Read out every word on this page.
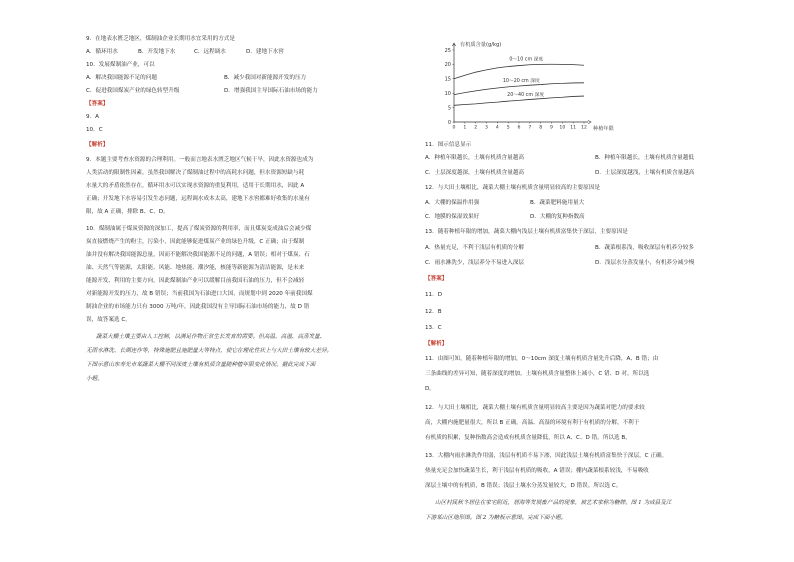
9．在地表水匮乏地区，煤制油企业长期用水宜采用的方式是
A．循环用水	B．开发地下水	C．远程调水	D．建地下水窖
10．发展煤制油产业，可以
A．解决我国能源不足的问题	B．减少我国对新能源开发的压力
C．促进我国煤炭产业的绿色转型升级	D．增强我国主导国际石油市场的能力
【答案】
9．A
10．C
【解析】
9．本题主要考查水资源的合理利用。一般而言地表水匮乏地区气候干旱，因此水资源也成为
人类活动的限制性因素。虽然我国解决了煤制油过程中的高耗水问题，但水资源短缺与耗
水量大的矛盾依然存在，循环用水可以实现水资源的重复利用，适用于长期用水，因此 A
正确；开发地下水容易引发生态问题，远程调水成本太高，建地下水窖都难好收集的水量有
限，故 A 正确，排除 B、C、D。
10．煤制油属于煤炭资源的深加工，提高了煤炭资源的利用率，而且煤炭变成油后会减少煤
炭直接燃烧产生的粉尘，污染小，因此能够促进煤炭产业的绿色升级，C 正确；由于煤制
油并没有解决我国能源总量，因而不能解决我国能源不足的问题，A 错误；相对于煤炭、石
油、天然气等能源，太阳能、风能、地热能、潮汐能，核能等新能源为清洁能源，是未来
能源开发、利用的主要方向，因此煤制油产业可以缓解目前我国石油的压力，但不会减轻
对新能源开发的压力，故 B 错误；当前我国为石油进口大国，而规划中到 2020 年前我国煤
制油企业的市场能力只有 3000 万吨/年，因此我国没有主导国际石油市场的能力，故 D 错
误，故答案选 C。
蔬菜大棚土壤主要由人工控制，以满足作物正常生长发育的需要。但高温、高湿、高蒸发量、
无雨水淋洗、长期连作等，特殊施肥且施肥量大等特点，使它在理化性状上与大田土壤有较大差异。
下图示意山东寿光市某蔬菜大棚不同深度土壤有机质含量随种植年限变化情况。据此完成下面
小题。
0
5
10
15
20
25
0 1 2 3 4 5 6 7 8 9 10 11 12
0～10 cm 深度
10～20 cm 深度
20～40 cm 深度
有机质含量(g/kg)
种植年限
11．图示信息显示
A．种植年限越长，土壤有机质含量越高	B．种植年限越长，土壤有机质含量越低
C．土层深度越深，土壤有机质含量越高	D．土层深度越浅，土壤有机质含量越高
12．与大田土壤相比，蔬菜大棚土壤有机质含量明显较高的主要原因是
A．大棚的保温作用强	B．蔬菜肥料施用量大
C．地膜的保湿效果好	D．大棚的复种指数高
13．随着种植年限的增加，蔬菜大棚内浅层土壤有机质富集快于深层，主要原因是
A．热量充足，不利于浅层有机质的分解	B．蔬菜根系浅，吸收深层有机养分较多
C．雨水淋洗少，浅层养分不易进入深层	D．浅层水分蒸发量小，有机养分减少慢
【答案】
11．D
12．B
13．C
【解析】
11．由图可知，随着种植年限的增加，0～10cm 深度土壤有机质含量先升后降，A、B 错；由
三条曲线的差异可知，随着深度的增加，土壤有机质含量整体上减小，C 错、D 对。所以选
D。
12．与大田土壤相比，蔬菜大棚土壤有机质含量明显较高主要是因为蔬菜对肥力的要求较
高，大棚内施肥量很大，所以 B 正确。高温、高湿的环境有利于有机质的分解，不利于
有机质的积累，复种指数高会造成有机质含量降低，所以 A、C、D 错。所以选 B。
13．大棚内雨水淋洗作用弱，浅层有机质不易下渗，因此浅层土壤有机质富集快于深层，C 正确。
热量充足会加快蔬菜生长，利于浅层有机质的吸收，A 错误；棚内蔬菜根系较浅，不易吸收
深层土壤中的有机质，B 错误；浅层土壤水分蒸发量较大，D 错误。所以选 C。
山区村民秋冬居住在家宅附近，居海等发展畜产品的现象，被艺术家称为糖牌。图 1 为成县及江
下游某山区地形图。图 2 为糖板示意图。完成下面小题。
